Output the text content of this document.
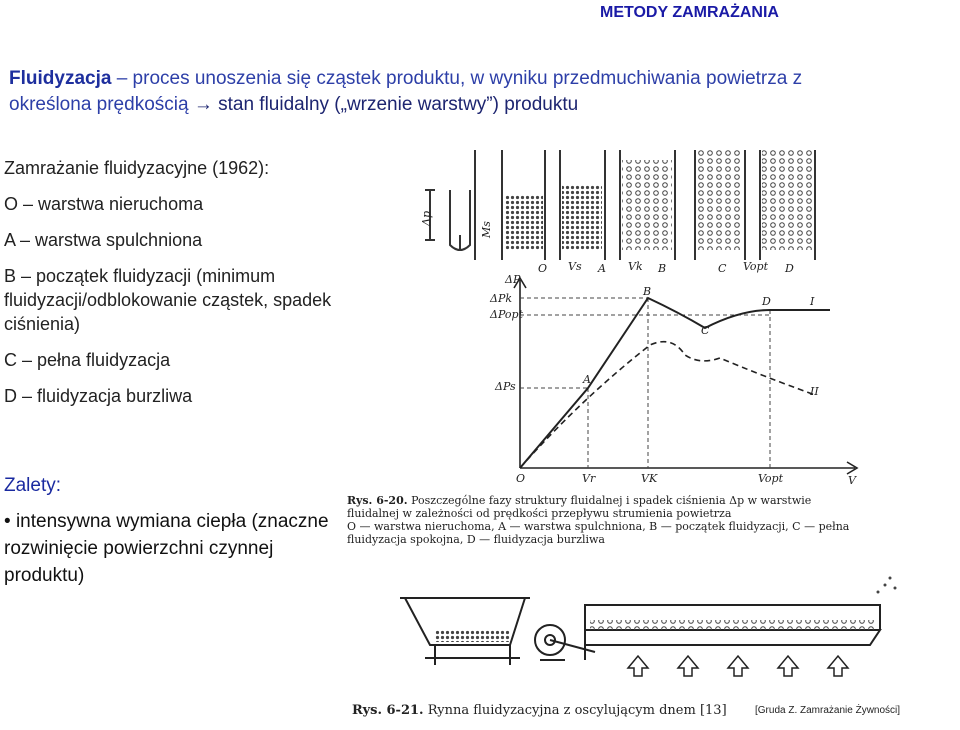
METODY ZAMRAŻANIA
Fluidyzacja – proces unoszenia się cząstek produktu, w wyniku przedmuchiwania powietrza z określona prędkością → stan fluidalny („wrzenie warstwy”) produktu
Zamrażanie fluidyzacyjne (1962):
O – warstwa nieruchoma
A – warstwa spulchniona
B – początek fluidyzacji (minimum fluidyzacji/odblokowanie cząstek, spadek ciśnienia)
C – pełna fluidyzacja
D – fluidyzacja burzliwa
Zalety:
• intensywna wymiana ciepła (znaczne rozwinięcie powierzchni czynnej produktu)
Δp
Ms
O Vs A Vk B	C Vopt D
ΔP
ΔPk
ΔPopt
ΔPs
O	Vr	VK	Vopt	V
A
B
C
D	I
II
Rys. 6-20. Poszczególne fazy struktury fluidalnej i spadek ciśnienia Δp w warstwie
fluidalnej w zależności od prędkości przepływu strumienia powietrza
O — warstwa nieruchoma, A — warstwa spulchniona, B — początek fluidyzacji, C — pełna
fluidyzacja spokojna, D — fluidyzacja burzliwa
Rys. 6-21. Rynna fluidyzacyjna z oscylującym dnem [13]	[Gruda Z. Zamrażanie Żywności]
